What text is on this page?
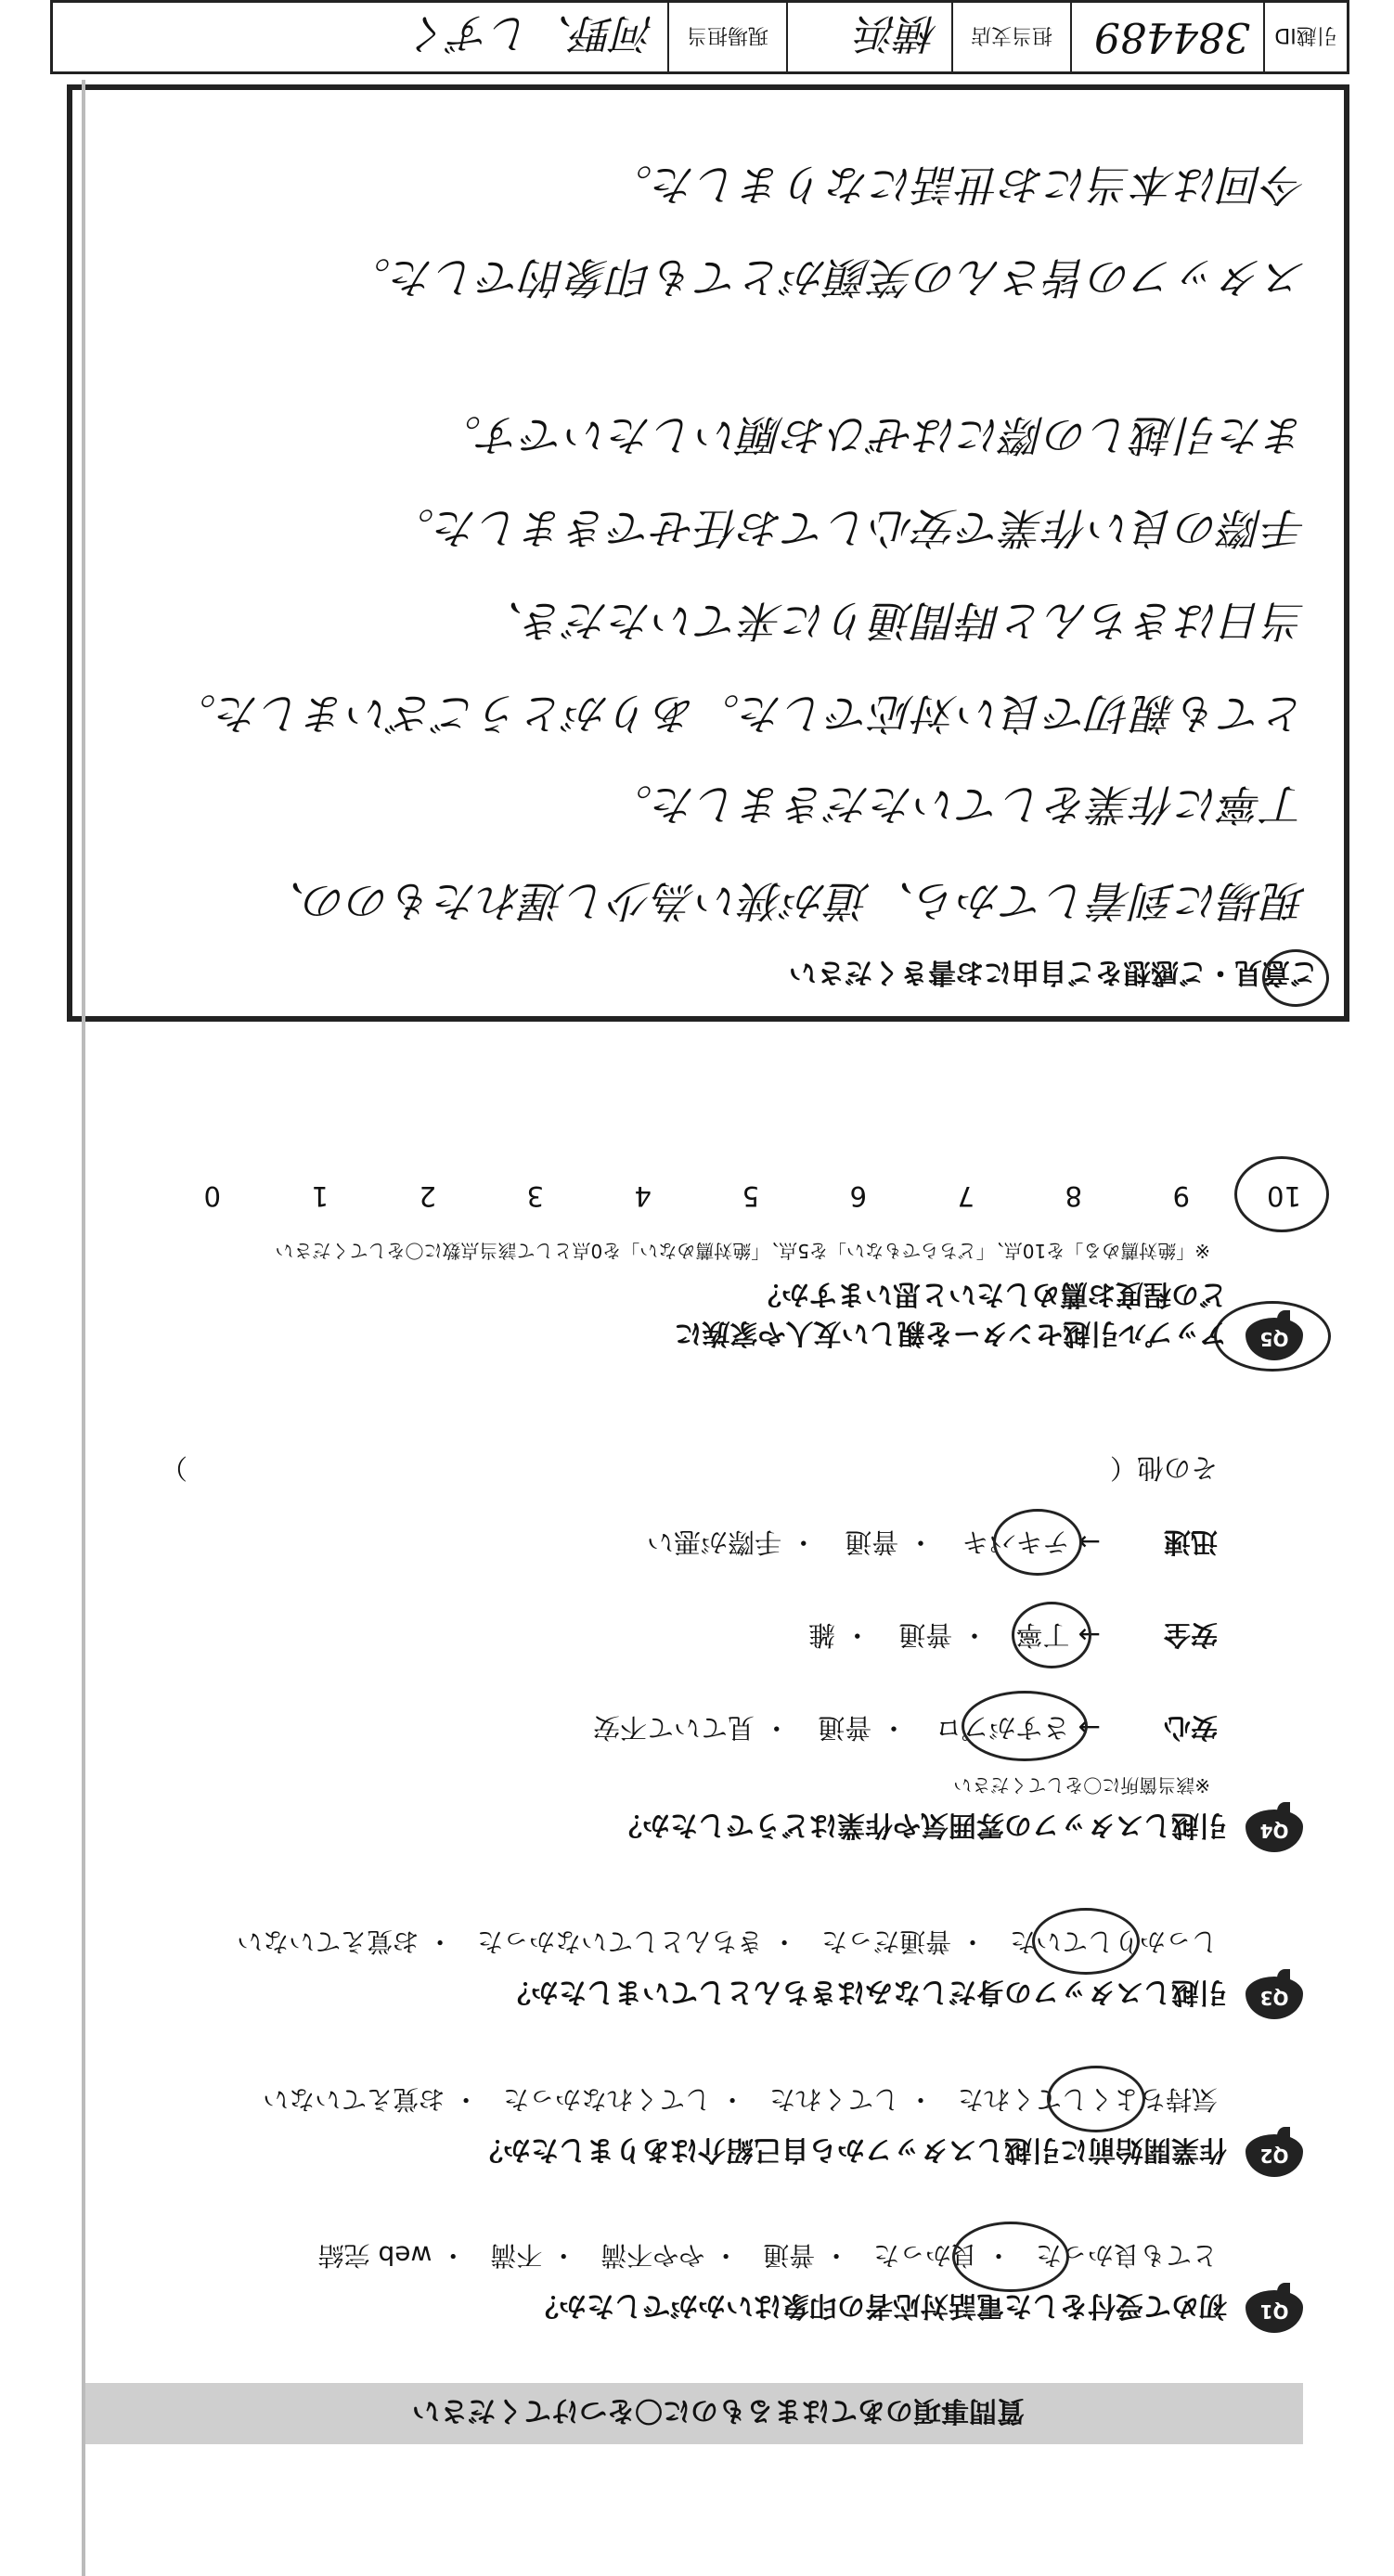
質問事項のあてはまるものに〇をつけてください
Q1
初めて受付をした電話対応者の印象はいかがでしたか？
とても良かった・ 良かった・ 普通・ やや不満・ 不満・ web 完結
Q2
作業開始前に引越しスタッフから自己紹介はありましたか？
気持ちよくしてくれた・ してくれた・ してくれなかった・ お覚えていない
Q3
引越しスタッフの身だしなみはきちんとしていましたか？
しっかりしていた・ 普通だった・ きちんとしていなかった・ お覚えていない
Q4
引越しスタッフの雰囲気や作業はどうでしたか？
※該当箇所に〇をしてください
安心→ さすがプロ・ 普通・ 見ていて不安
安全→ 丁寧・ 普通・ 雑
迅速→ テキパキ・ 普通・ 手際が悪い
その他（
）
Q5
アップル引越センターを親しい友人や家族に
どの程度お薦めしたいと思いますか？
※「絶対薦める」を10点、「どちらでもない」を5点、「絶対薦めない」を0点として該当点数に〇をしてください
10
9
8
7
6
5
4
3
2
1
0
ご意見・ご感想をご自由にお書きください
現場に到着してから、道が狭い為少し遅れたものの、
丁寧に作業をしていただきました。
とても親切で良い対応でした。ありがとうございました。
当日はきちんと時間通りに来ていただき、
手際の良い作業で安心してお任せできました。
また引越しの際にはぜひお願いしたいです。
スタッフの皆さんの笑顔がとても印象的でした。
今回は本当にお世話になりました。
引越ID
384489
担当支店
横浜
現場担当
河野、しずく
